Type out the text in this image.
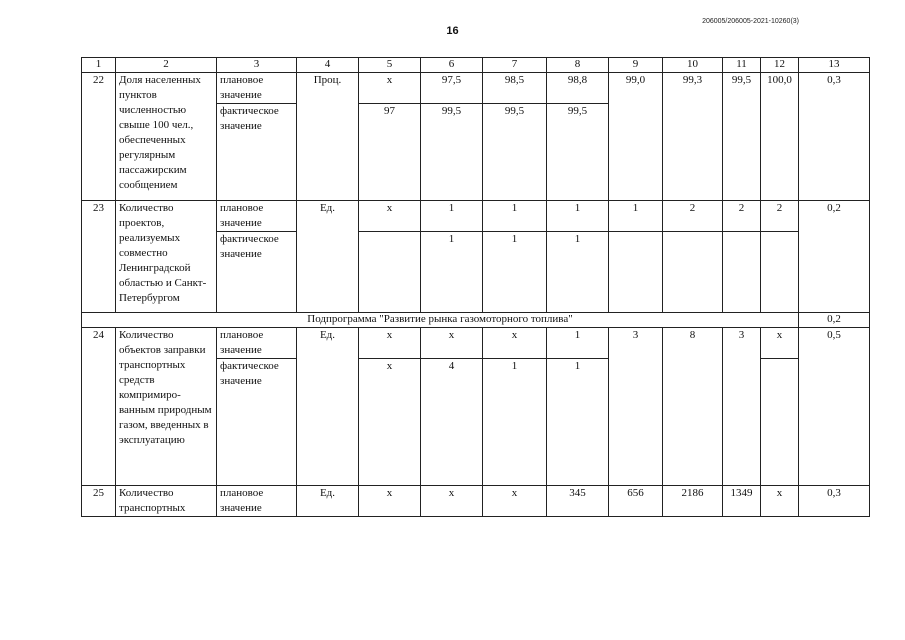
16
206005/206005-2021-10260(3)
1	2	3	4	5	6	7	8	9	10	11	12	13
22	Доля населенных пунктов численностью свыше 100 чел., обеспеченных регулярным пассажирским сообщением	плановое значение	Проц.	х	97,5	98,5	98,8	99,0	99,3	99,5	100,0	0,3
		фактическое значение		97	99,5	99,5	99,5					
23	Количество проектов, реализуемых совместно Ленинградской областью и Санкт-Петербургом	плановое значение	Ед.	х	1	1	1	1	2	2	2	0,2
		фактическое значение			1	1	1					
Подпрограмма "Развитие рынка газомоторного топлива"												0,2
24	Количество объектов заправки транспортных средств компримиро-ванным природным газом, введенных в эксплуатацию	плановое значение	Ед.	х	х	х	1	3	8	3	х	0,5
		фактическое значение		х	4	1	1					
25	Количество транспортных	плановое значение	Ед.	х	х	х	345	656	2186	1349	х	0,3
